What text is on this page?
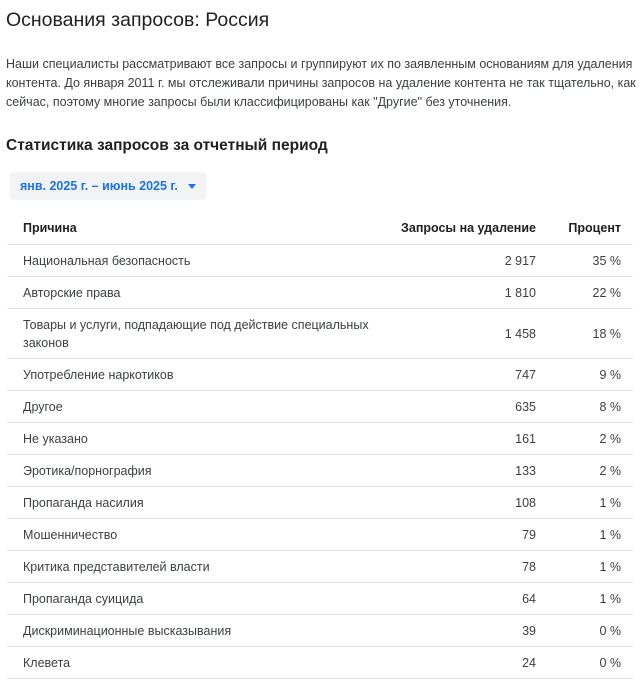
Основания запросов: Россия

Наши специалисты рассматривают все запросы и группируют их по заявленным основаниям для удаления контента. До января 2011 г. мы отслеживали причины запросов на удаление контента не так тщательно, как сейчас, поэтому многие запросы были классифицированы как "Другие" без уточнения.

Статистика запросов за отчетный период
янв. 2025 г. – июнь 2025 г.
Причина	Запросы на удаление	Процент
Национальная безопасность	2 917	35 %
Авторские права	1 810	22 %
Товары и услуги, подпадающие под действие специальных законов
1 458	18 %
Употребление наркотиков	747	9 %
Другое	635	8 %
Не указано	161	2 %
Эротика/порнография	133	2 %
Пропаганда насилия	108	1 %
Мошенничество	79	1 %
Критика представителей власти	78	1 %
Пропаганда суицида	64	1 %
Дискриминационные высказывания	39	0 %
Клевета	24	0 %
